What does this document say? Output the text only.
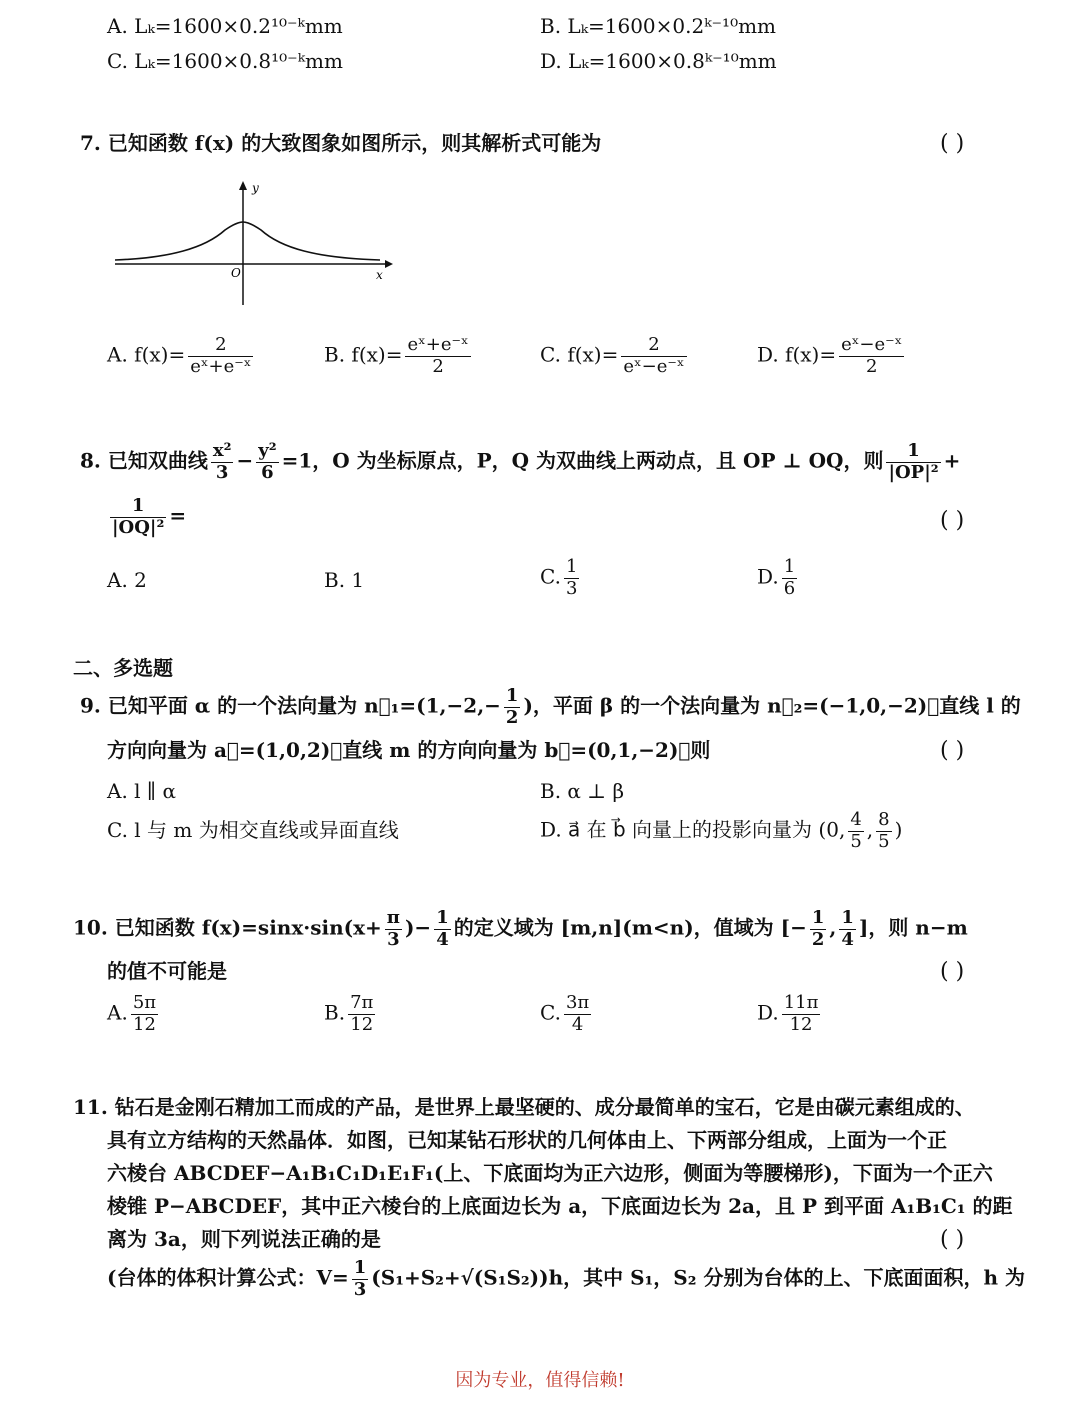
A. Lₖ=1600×0.2¹⁰⁻ᵏmm	B. Lₖ=1600×0.2ᵏ⁻¹⁰mm
C. Lₖ=1600×0.8¹⁰⁻ᵏmm	D. Lₖ=1600×0.8ᵏ⁻¹⁰mm
7. 已知函数 f(x) 的大致图象如图所示，则其解析式可能为	( )
y
x
O
A. $f(x)= \frac{2}{\text{eˣ+e⁻ˣ}}$	B. $f(x)= \frac{\text{eˣ+e⁻ˣ}}{2}$	C. $f(x)= \frac{2}{\text{eˣ−e⁻ˣ}}$	D. $f(x)= \frac{\text{eˣ−e⁻ˣ}}{2}$
8. 已知双曲线 $\frac{\text{x²}}{3} - \frac{\text{y²}}{6} =1$，O 为坐标原点，P，Q 为双曲线上两动点，且 OP ⊥ OQ，则 $\frac{1}{\text{|OP|²}}$ +
$\frac{1}{\text{|OQ|²}}$ =	( )
A. 2	B. 1	C. $\frac{1}{3}$	D. $\frac{1}{6}$
二、多选题
9. 已知平面 α 的一个法向量为 n⃗₁=(1,−2,− $\frac{1}{2}$ )，平面 β 的一个法向量为 n⃗₂=(−1,0,−2)，直线 l 的
方向向量为 a⃗=(1,0,2)，直线 m 的方向向量为 b⃗=(0,1,−2)，则	( )
A. l ∥ α	B. α ⊥ β
C. l 与 m 为相交直线或异面直线	D. a⃗ 在 b⃗ 向量上的投影向量为 (0, $\frac{4}{5}$ , $\frac{8}{5}$ )
10. 已知函数 $f(x)=\sin x\cdot\sin(x+ \frac{\pi}{3}$ )− $\frac{1}{4}$ 的定义域为 [m,n](m<n)，值域为 [− $\frac{1}{2}$ , $\frac{1}{4}$ ]，则 n−m
的值不可能是	( )
A. $\frac{5\pi}{12}$	B. $\frac{7\pi}{12}$	C. $\frac{3\pi}{4}$	D. $\frac{11\pi}{12}$
11. 钻石是金刚石精加工而成的产品，是世界上最坚硬的、成分最简单的宝石，它是由碳元素组成的、
具有立方结构的天然晶体．如图，已知某钻石形状的几何体由上、下两部分组成，上面为一个正
六棱台 ABCDEF−A₁B₁C₁D₁E₁F₁(上、下底面均为正六边形，侧面为等腰梯形)，下面为一个正六
棱锥 P−ABCDEF，其中正六棱台的上底面边长为 a，下底面边长为 2a，且 P 到平面 A₁B₁C₁ 的距
离为 3a，则下列说法正确的是	( )
(台体的体积计算公式：$V= \frac{1}{3} (S_1+S_2+√(S_1S_2))h$，其中 S₁，S₂ 分别为台体的上、下底面面积，h 为
因为专业，值得信赖!
